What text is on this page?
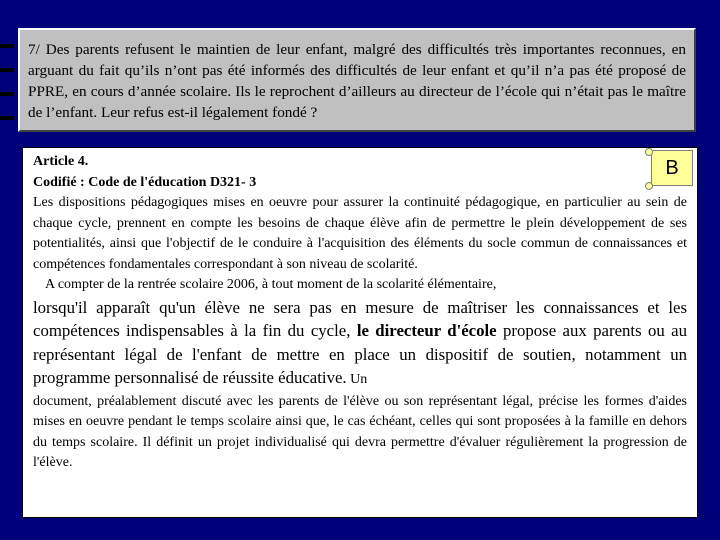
7/ Des parents refusent le maintien de leur enfant, malgré des difficultés très importantes reconnues, en arguant du fait qu’ils n’ont pas été informés des difficultés de leur enfant et qu’il n’a pas été proposé de PPRE, en cours d’année scolaire. Ils le reprochent d’ailleurs au directeur de l’école qui n’était pas le maître de l’enfant. Leur refus est-il légalement fondé ?
B

Article 4.

Codifié : Code de l'éducation D321- 3

Les dispositions pédagogiques mises en oeuvre pour assurer la continuité pédagogique, en particulier au sein de chaque cycle, prennent en compte les besoins de chaque élève afin de permettre le plein développement de ses potentialités, ainsi que l'objectif de le conduire à l'acquisition des éléments du socle commun de connaissances et compétences fondamentales correspondant à son niveau de scolarité.

A compter de la rentrée scolaire 2006, à tout moment de la scolarité élémentaire,

lorsqu'il apparaît qu'un élève ne sera pas en mesure de maîtriser les connaissances et les compétences indispensables à la fin du cycle, le directeur d'école propose aux parents ou au représentant légal de l'enfant de mettre en place un dispositif de soutien, notamment un programme personnalisé de réussite éducative. Un

document, préalablement discuté avec les parents de l'élève ou son représentant légal, précise les formes d'aides mises en oeuvre pendant le temps scolaire ainsi que, le cas échéant, celles qui sont proposées à la famille en dehors du temps scolaire. Il définit un projet individualisé qui devra permettre d'évaluer régulièrement la progression de l'élève.
